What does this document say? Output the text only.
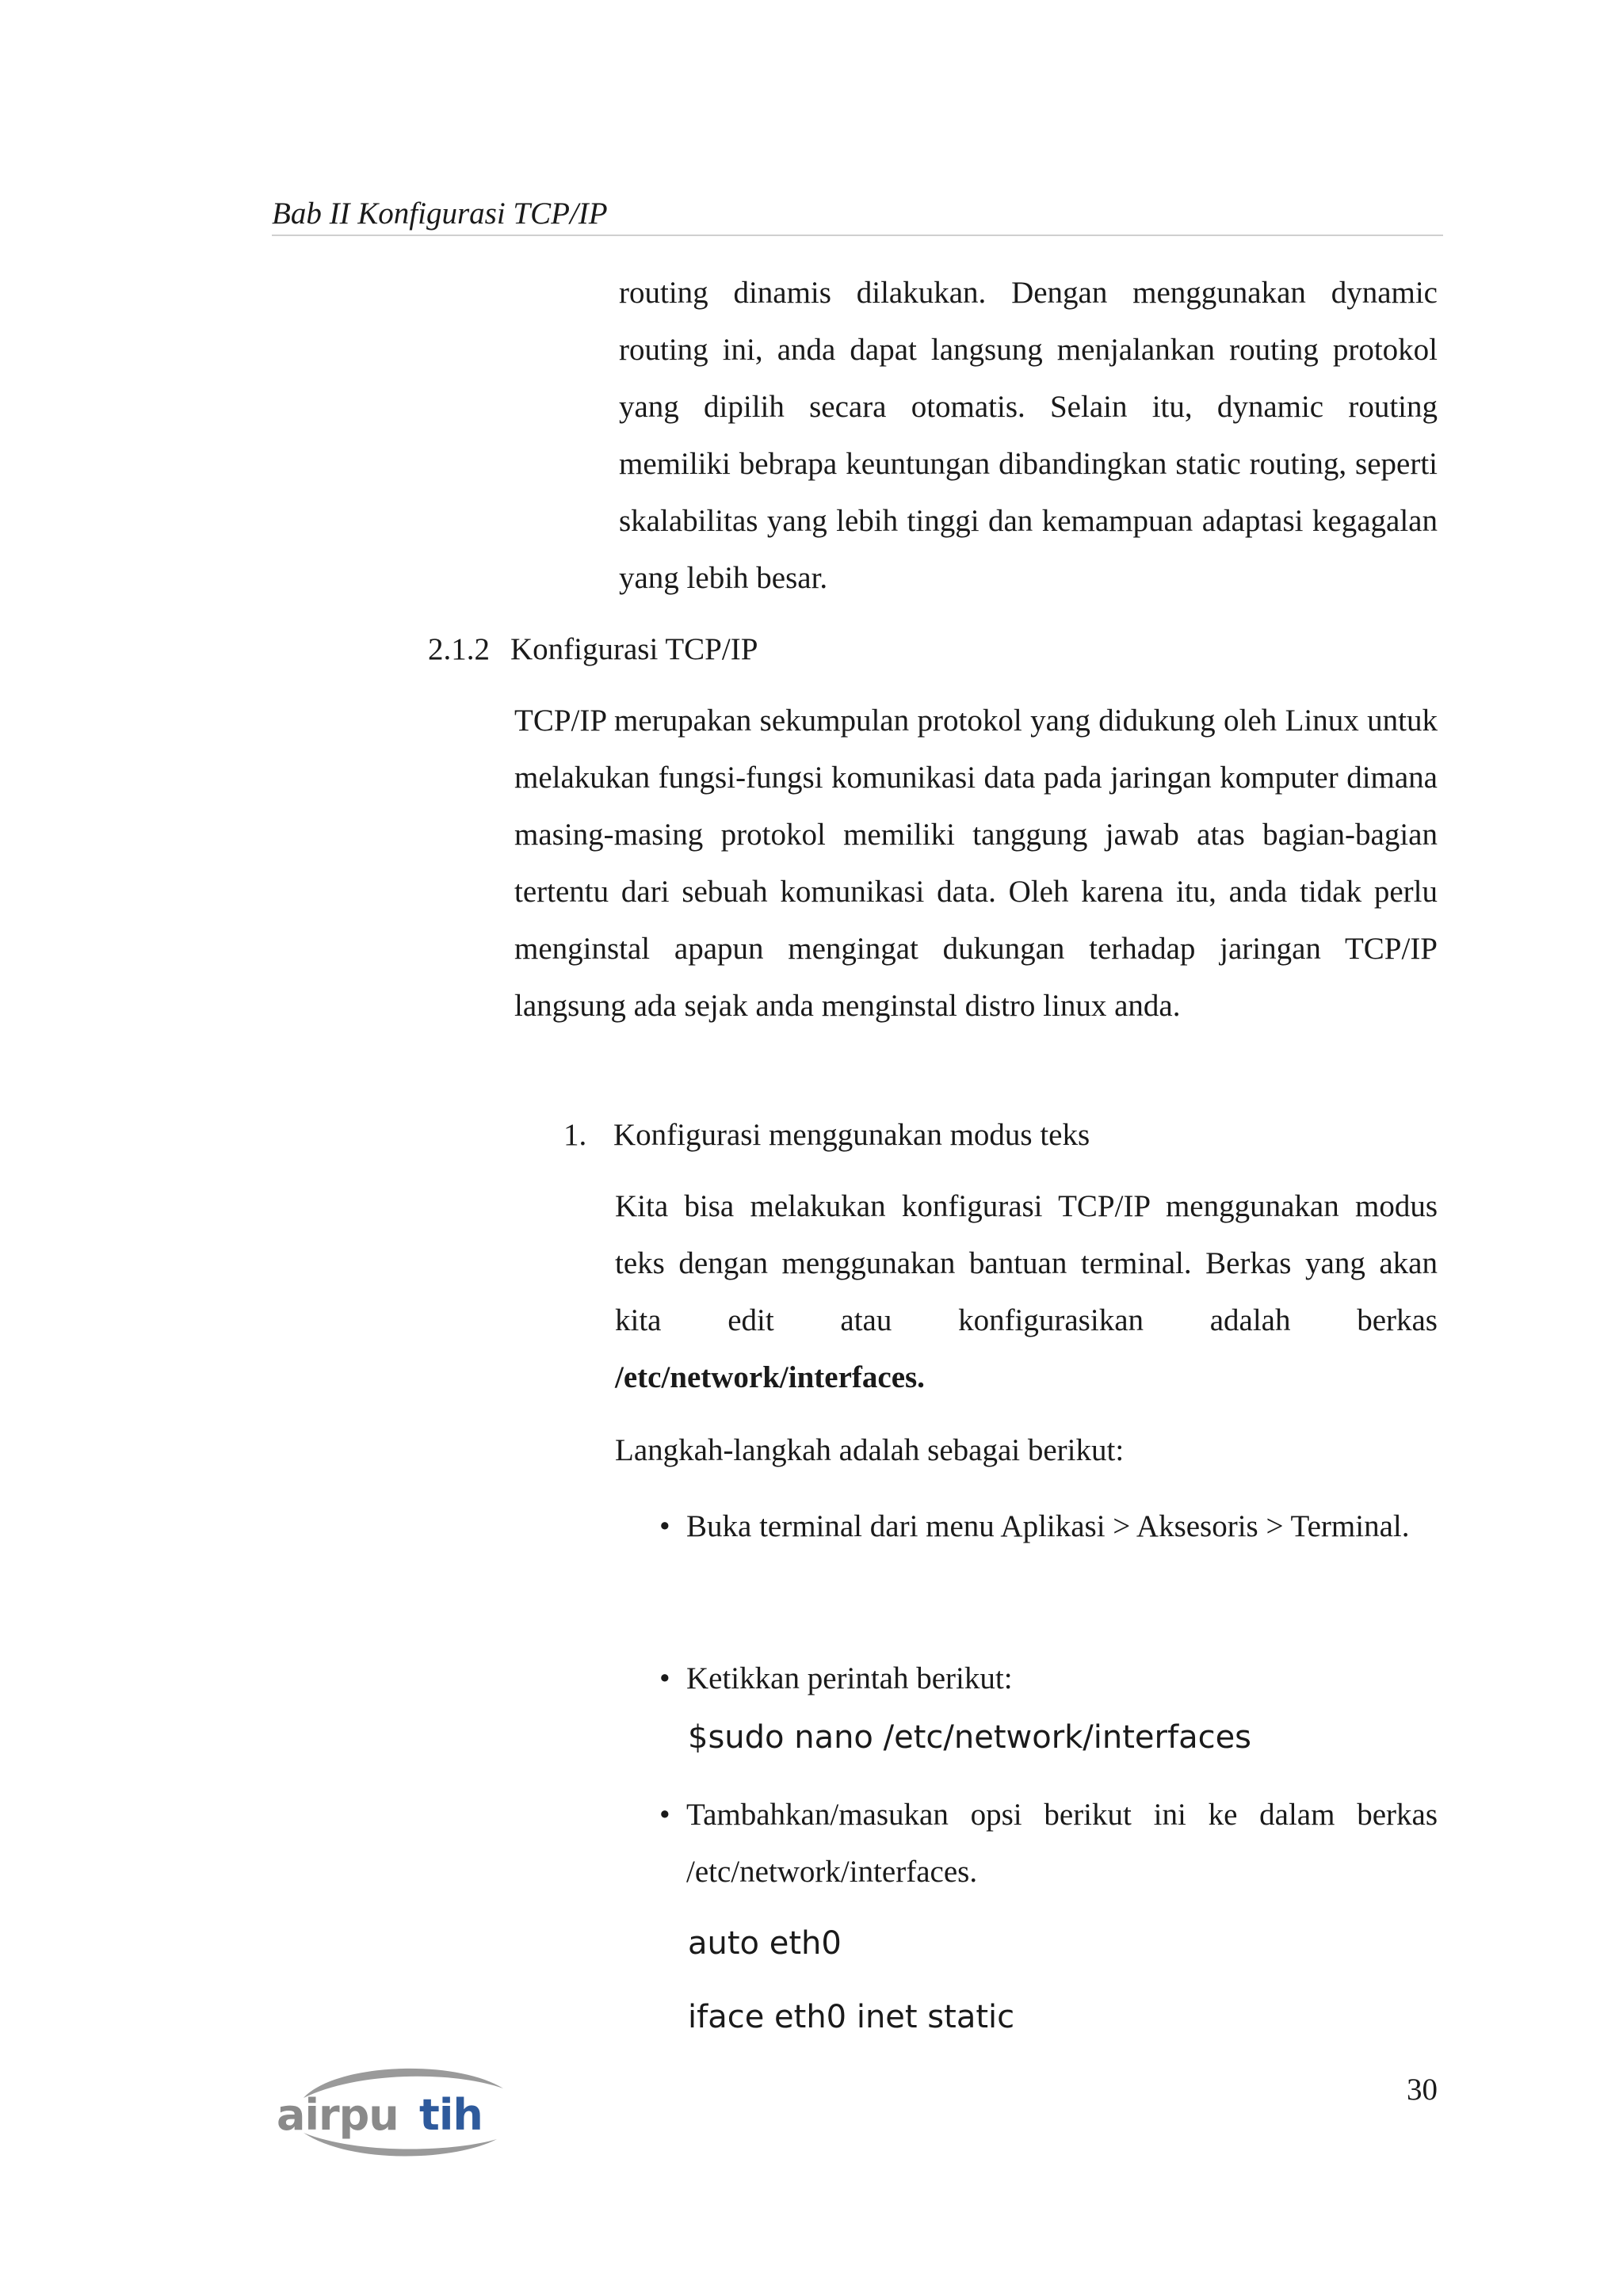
Bab II Konfigurasi TCP/IP
routing dinamis dilakukan. Dengan menggunakan dynamic routing ini, anda dapat langsung menjalankan routing protokol yang dipilih secara otomatis. Selain itu, dynamic routing memiliki bebrapa keuntungan dibandingkan static routing, seperti skalabilitas yang lebih tinggi dan kemampuan adaptasi kegagalan yang lebih besar.
2.1.2 Konfigurasi TCP/IP
TCP/IP merupakan sekumpulan protokol yang didukung oleh Linux untuk melakukan fungsi-fungsi komunikasi data pada jaringan komputer dimana masing-masing protokol memiliki tanggung jawab atas bagian-bagian tertentu dari sebuah komunikasi data. Oleh karena itu, anda tidak perlu menginstal apapun mengingat dukungan terhadap jaringan TCP/IP langsung ada sejak anda menginstal distro linux anda.
1. Konfigurasi menggunakan modus teks
Kita bisa melakukan konfigurasi TCP/IP menggunakan modus teks dengan menggunakan bantuan terminal. Berkas yang akan kita edit atau konfigurasikan adalah berkas /etc/network/interfaces.
Langkah-langkah adalah sebagai berikut:
• Buka terminal dari menu Aplikasi > Aksesoris > Terminal.
• Ketikkan perintah berikut:
$sudo nano /etc/network/interfaces
• Tambahkan/masukan opsi berikut ini ke dalam berkas /etc/network/interfaces.
auto eth0
iface eth0 inet static
airpu tih
30
